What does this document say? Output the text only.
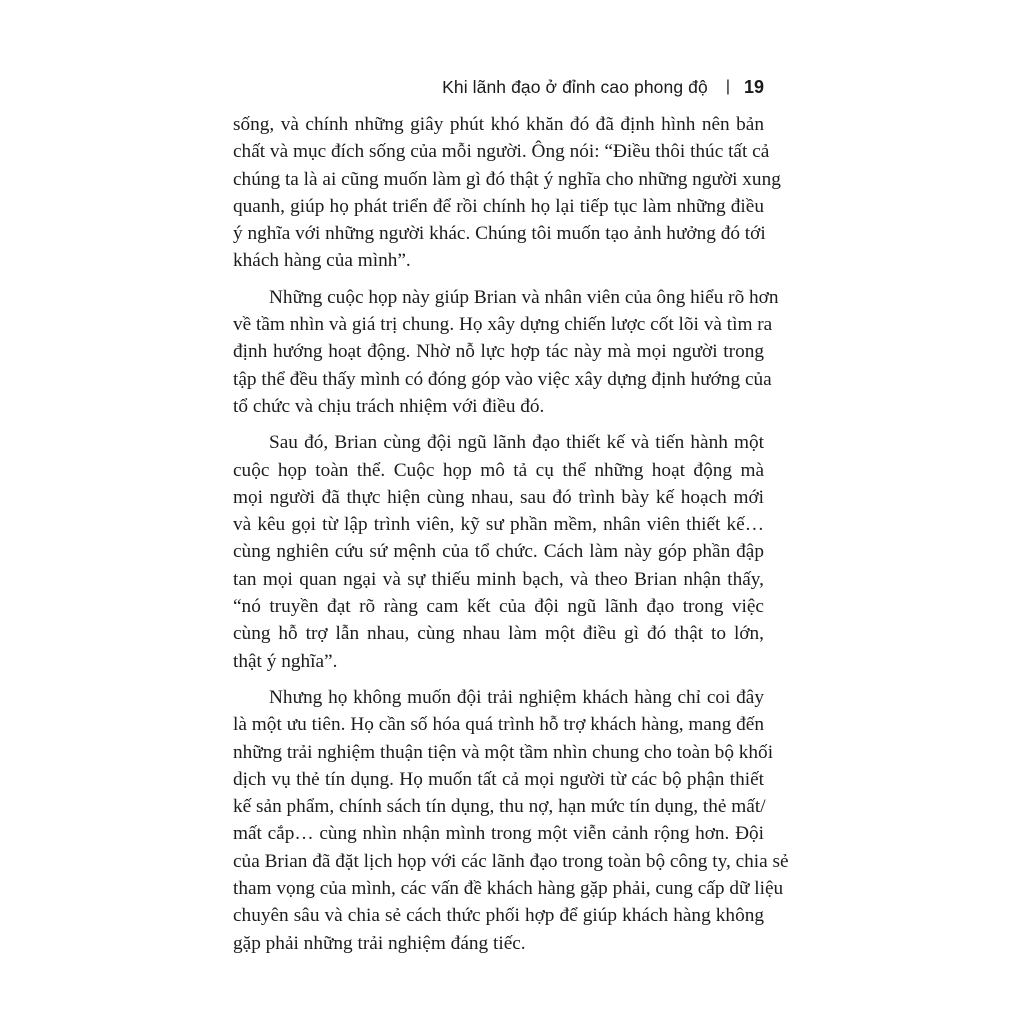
Khi lãnh đạo ở đỉnh cao phong độ | 19
sống, và chính những giây phút khó khăn đó đã định hình nên bản
chất và mục đích sống của mỗi người. Ông nói: “Điều thôi thúc tất cả
chúng ta là ai cũng muốn làm gì đó thật ý nghĩa cho những người xung
quanh, giúp họ phát triển để rồi chính họ lại tiếp tục làm những điều
ý nghĩa với những người khác. Chúng tôi muốn tạo ảnh hưởng đó tới
khách hàng của mình”.
Những cuộc họp này giúp Brian và nhân viên của ông hiểu rõ hơn
về tầm nhìn và giá trị chung. Họ xây dựng chiến lược cốt lõi và tìm ra
định hướng hoạt động. Nhờ nỗ lực hợp tác này mà mọi người trong
tập thể đều thấy mình có đóng góp vào việc xây dựng định hướng của
tổ chức và chịu trách nhiệm với điều đó.
Sau đó, Brian cùng đội ngũ lãnh đạo thiết kế và tiến hành một
cuộc họp toàn thể. Cuộc họp mô tả cụ thể những hoạt động mà
mọi người đã thực hiện cùng nhau, sau đó trình bày kế hoạch mới
và kêu gọi từ lập trình viên, kỹ sư phần mềm, nhân viên thiết kế…
cùng nghiên cứu sứ mệnh của tổ chức. Cách làm này góp phần đập
tan mọi quan ngại và sự thiếu minh bạch, và theo Brian nhận thấy,
“nó truyền đạt rõ ràng cam kết của đội ngũ lãnh đạo trong việc
cùng hỗ trợ lẫn nhau, cùng nhau làm một điều gì đó thật to lớn,
thật ý nghĩa”.
Nhưng họ không muốn đội trải nghiệm khách hàng chỉ coi đây
là một ưu tiên. Họ cần số hóa quá trình hỗ trợ khách hàng, mang đến
những trải nghiệm thuận tiện và một tầm nhìn chung cho toàn bộ khối
dịch vụ thẻ tín dụng. Họ muốn tất cả mọi người từ các bộ phận thiết
kế sản phẩm, chính sách tín dụng, thu nợ, hạn mức tín dụng, thẻ mất/
mất cắp… cùng nhìn nhận mình trong một viễn cảnh rộng hơn. Đội
của Brian đã đặt lịch họp với các lãnh đạo trong toàn bộ công ty, chia sẻ
tham vọng của mình, các vấn đề khách hàng gặp phải, cung cấp dữ liệu
chuyên sâu và chia sẻ cách thức phối hợp để giúp khách hàng không
gặp phải những trải nghiệm đáng tiếc.
